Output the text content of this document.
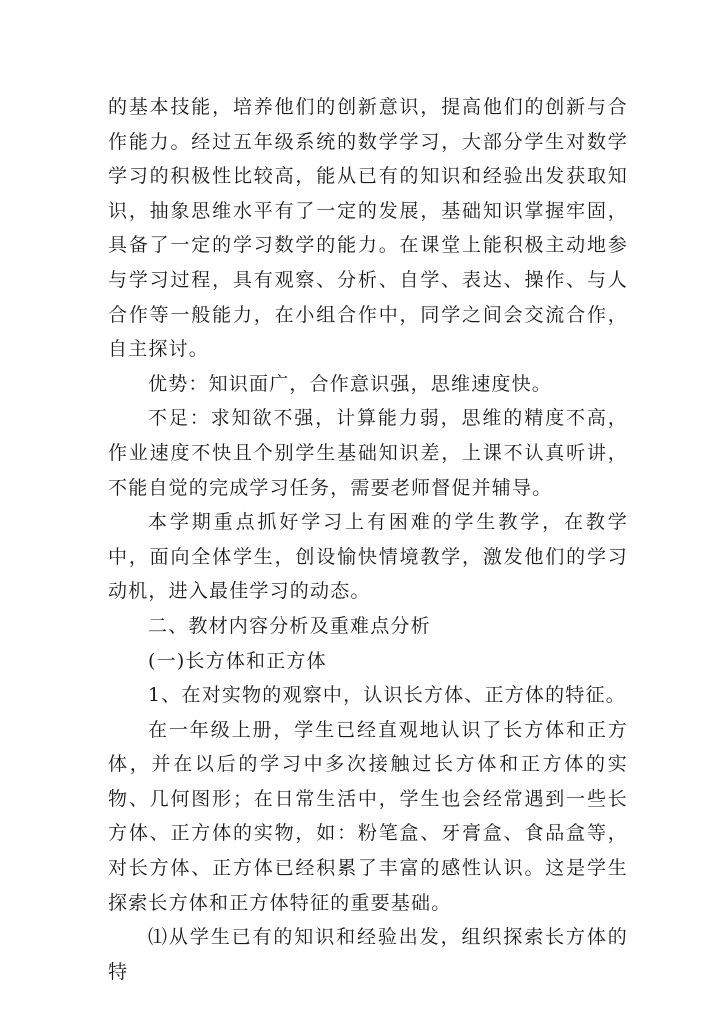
的基本技能，培养他们的创新意识，提高他们的创新与合作能力。经过五年级系统的数学学习，大部分学生对数学学习的积极性比较高，能从已有的知识和经验出发获取知识，抽象思维水平有了一定的发展，基础知识掌握牢固，具备了一定的学习数学的能力。在课堂上能积极主动地参与学习过程，具有观察、分析、自学、表达、操作、与人合作等一般能力，在小组合作中，同学之间会交流合作，自主探讨。

优势：知识面广，合作意识强，思维速度快。

不足：求知欲不强，计算能力弱，思维的精度不高，作业速度不快且个别学生基础知识差，上课不认真听讲，不能自觉的完成学习任务，需要老师督促并辅导。

本学期重点抓好学习上有困难的学生教学，在教学中，面向全体学生，创设愉快情境教学，激发他们的学习动机，进入最佳学习的动态。

二、教材内容分析及重难点分析

(一)长方体和正方体

1、在对实物的观察中，认识长方体、正方体的特征。

在一年级上册，学生已经直观地认识了长方体和正方体，并在以后的学习中多次接触过长方体和正方体的实物、几何图形；在日常生活中，学生也会经常遇到一些长方体、正方体的实物，如：粉笔盒、牙膏盒、食品盒等，对长方体、正方体已经积累了丰富的感性认识。这是学生探索长方体和正方体特征的重要基础。

⑴从学生已有的知识和经验出发，组织探索长方体的特
